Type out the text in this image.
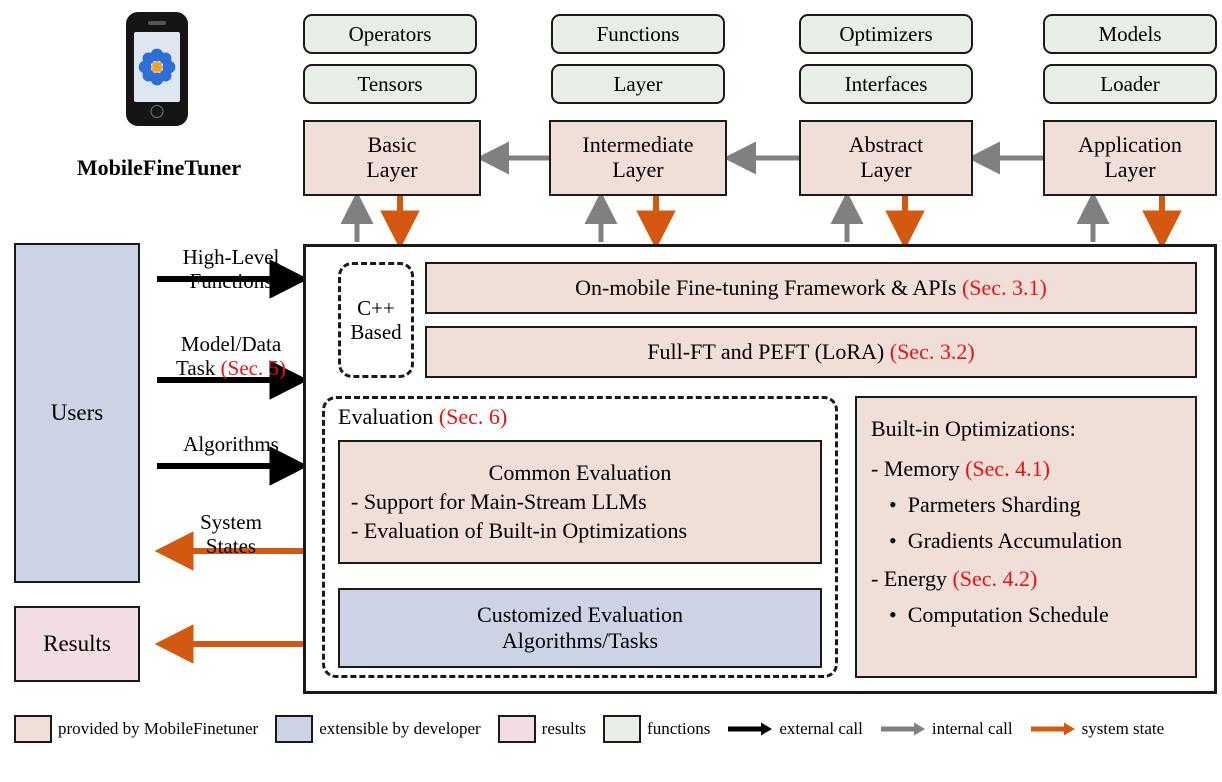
MobileFineTuner
Operators	Functions	Optimizers	Models
Tensors	Layer	Interfaces	Loader
Basic
Layer
Intermediate
Layer
Abstract
Layer
Application
Layer
Users
Results
High-Level
Functions
Model/Data
Task (Sec. 5)
Algorithms
System
States
C++
Based
On-mobile Fine-tuning Framework & APIs (Sec. 3.1)
Full-FT and PEFT (LoRA) (Sec. 3.2)
Evaluation (Sec. 6)
Common Evaluation
- Support for Main-Stream LLMs
- Evaluation of Built-in Optimizations
Customized Evaluation
Algorithms/Tasks
Built-in Optimizations:
- Memory (Sec. 4.1)
•  Parmeters Sharding
•  Gradients Accumulation
- Energy (Sec. 4.2)
•  Computation Schedule
provided by MobileFinetuner	extensible by developer	results	functions	external call	internal call	system state
